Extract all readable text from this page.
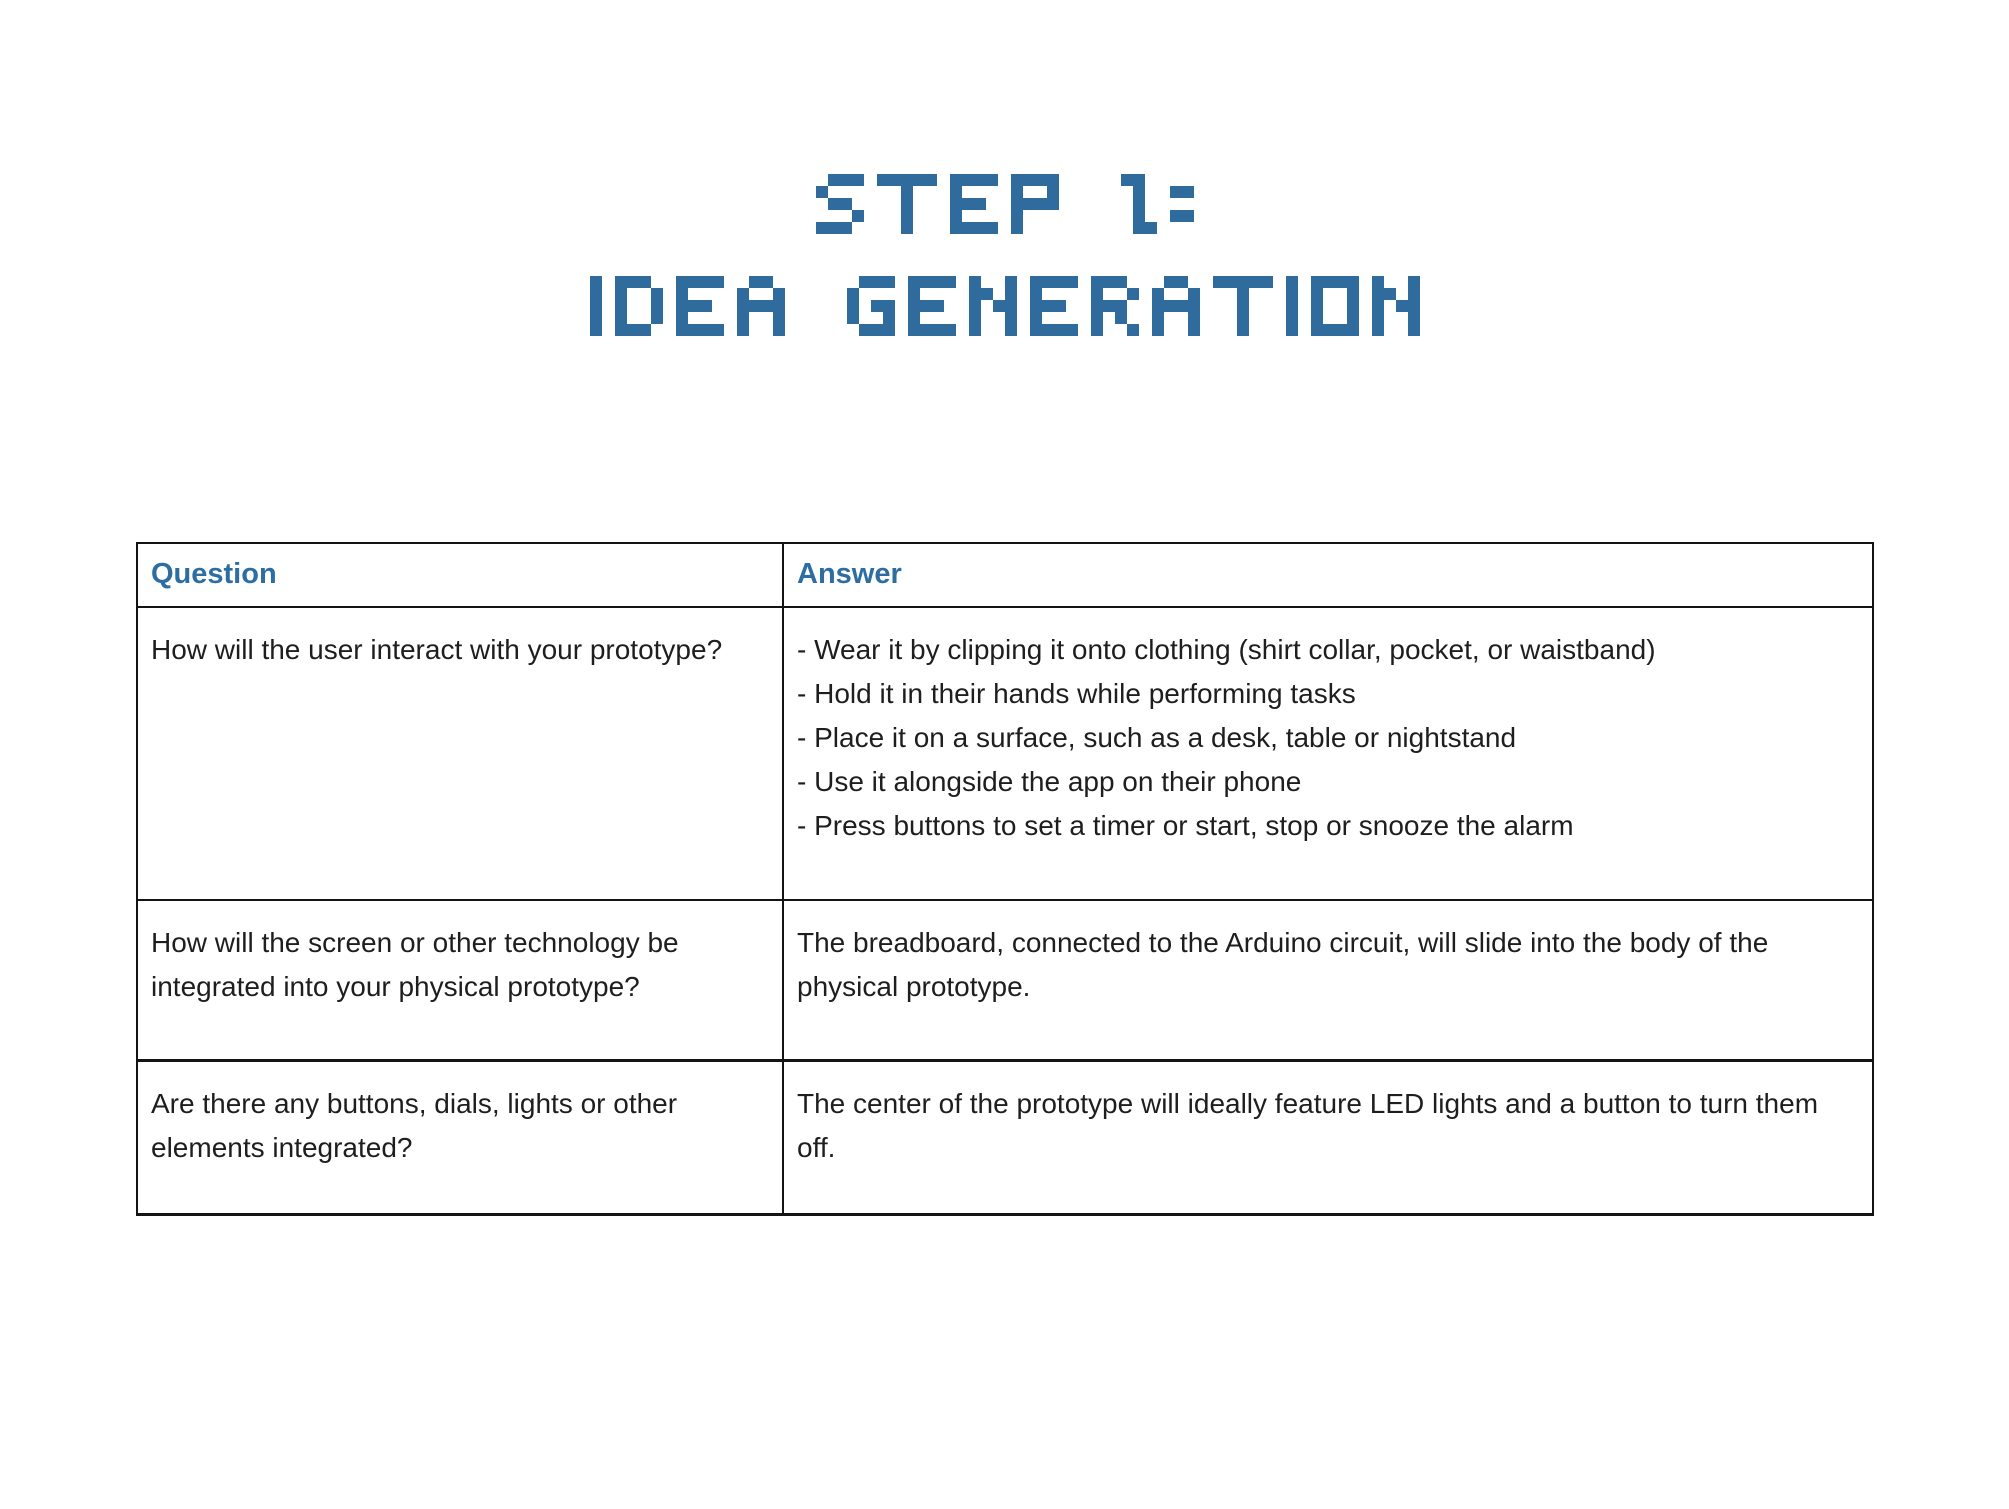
Question	Answer

How will the user interact with your prototype?	- Wear it by clipping it onto clothing (shirt collar, pocket, or waistband)
- Hold it in their hands while performing tasks
- Place it on a surface, such as a desk, table or nightstand
- Use it alongside the app on their phone
- Press buttons to set a timer or start, stop or snooze the alarm

How will the screen or other technology be integrated into your physical prototype?	The breadboard, connected to the Arduino circuit, will slide into the body of the physical prototype.

Are there any buttons, dials, lights or other elements integrated?	The center of the prototype will ideally feature LED lights and a button to turn them off.
